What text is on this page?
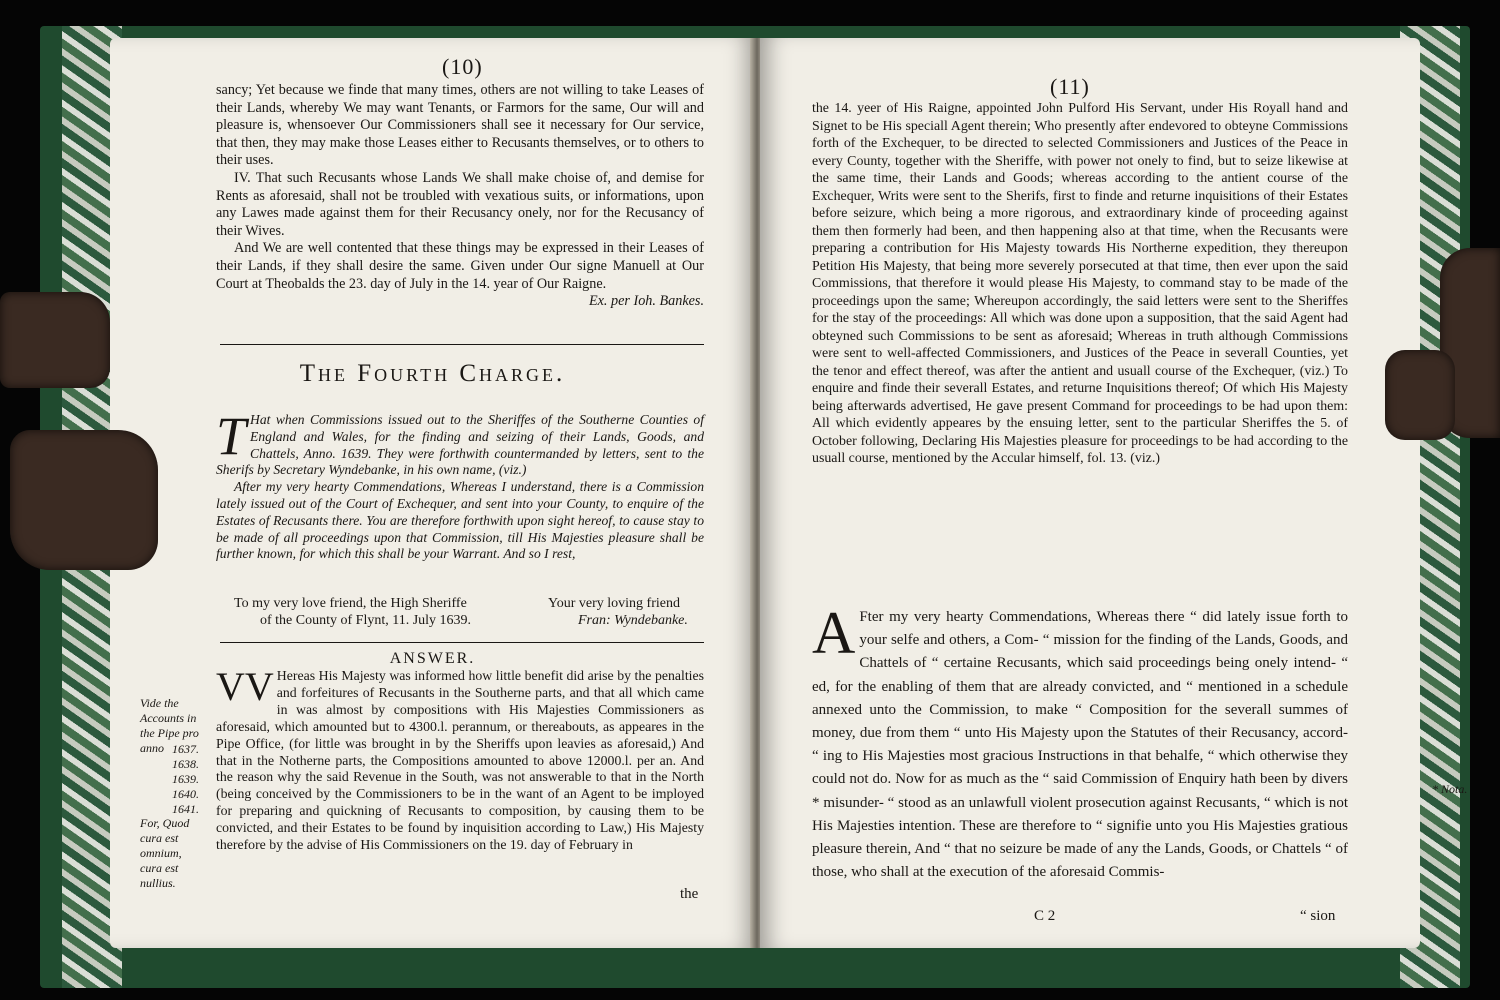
(10)

sancy; Yet because we finde that many times, others are not willing to take Leases of their Lands, whereby We may want Tenants, or Farmors for the same, Our will and pleasure is, whensoever Our Commissioners shall see it necessary for Our service, that then, they may make those Leases either to Recusants themselves, or to others to their uses.

IV. That such Recusants whose Lands We shall make choise of, and demise for Rents as aforesaid, shall not be troubled with vexatious suits, or informations, upon any Lawes made against them for their Recusancy onely, nor for the Recusancy of their Wives.

And We are well contented that these things may be expressed in their Leases of their Lands, if they shall desire the same. Given under Our signe Manuell at Our Court at Theobalds the 23. day of July in the 14. year of Our Raigne.

Ex. per Ioh. Bankes.

The Fourth Charge.
T Hat when Commissions issued out to the Sheriffes of the Southerne Counties of England and Wales, for the finding and seizing of their Lands, Goods, and Chattels, Anno. 1639. They were forthwith countermanded by letters, sent to the Sherifs by Secretary Wyndebanke, in his own name, (viz.)

After my very hearty Commendations, Whereas I understand, there is a Commission lately issued out of the Court of Exchequer, and sent into your County, to enquire of the Estates of Recusants there. You are therefore forthwith upon sight hereof, to cause stay to be made of all proceedings upon that Commission, till His Majesties pleasure shall be further known, for which this shall be your Warrant. And so I rest,

To my very love friend, the High Sheriffe
of the County of Flynt, 11. July 1639.
Your very loving friend
Fran: Wyndebanke.
ANSWER.
VV Hereas His Majesty was informed how little benefit did arise by the penalties and forfeitures of Recusants in the Southerne parts, and that all which came in was almost by compositions with His Majesties Commissioners as aforesaid, which amounted but to 4300.l. perannum, or thereabouts, as appeares in the Pipe Office, (for little was brought in by the Sheriffs upon leavies as aforesaid,) And that in the Notherne parts, the Compositions amounted to above 12000.l. per an. And the reason why the said Revenue in the South, was not answerable to that in the North (being conceived by the Commissioners to be in the want of an Agent to be imployed for preparing and quickning of Recusants to composition, by causing them to be convicted, and their Estates to be found by inquisition according to Law,) His Majesty therefore by the advise of His Commissioners on the 19. day of February in
the
Vide the Accounts in the Pipe pro anno 1637.
1638.
1639.
1640.
1641.
For, Quod cura est omnium, cura est nullius.
(11)

the 14. yeer of His Raigne, appointed John Pulford His Servant, under His Royall hand and Signet to be His speciall Agent therein; Who presently after endevored to obteyne Commissions forth of the Exchequer, to be directed to selected Commissioners and Justices of the Peace in every County, together with the Sheriffe, with power not onely to find, but to seize likewise at the same time, their Lands and Goods; whereas according to the antient course of the Exchequer, Writs were sent to the Sherifs, first to finde and returne inquisitions of their Estates before seizure, which being a more rigorous, and extraordinary kinde of proceeding against them then formerly had been, and then happening also at that time, when the Recusants were preparing a contribution for His Majesty towards His Northerne expedition, they thereupon Petition His Majesty, that being more severely porsecuted at that time, then ever upon the said Commissions, that therefore it would please His Majesty, to command stay to be made of the proceedings upon the same; Whereupon accordingly, the said letters were sent to the Sheriffes for the stay of the proceedings: All which was done upon a supposition, that the said Agent had obteyned such Commissions to be sent as aforesaid; Whereas in truth although Commissions were sent to well-affected Commissioners, and Justices of the Peace in severall Counties, yet the tenor and effect thereof, was after the antient and usuall course of the Exchequer, (viz.) To enquire and finde their severall Estates, and returne Inquisitions thereof; Of which His Majesty being afterwards advertised, He gave present Command for proceedings to be had upon them: All which evidently appeares by the ensuing letter, sent to the particular Sheriffes the 5. of October following, Declaring His Majesties pleasure for proceedings to be had according to the usuall course, mentioned by the Accular himself, fol. 13. (viz.)

A Fter my very hearty Commendations, Whereas there “ did lately issue forth to your selfe and others, a Com- “ mission for the finding of the Lands, Goods, and Chattels of “ certaine Recusants, which said proceedings being onely intend- “ ed, for the enabling of them that are already convicted, and “ mentioned in a schedule annexed unto the Commission, to make “ Composition for the severall summes of money, due from them “ unto His Majesty upon the Statutes of their Recusancy, accord- “ ing to His Majesties most gracious Instructions in that behalfe, “ which otherwise they could not do. Now for as much as the “ said Commission of Enquiry hath been by divers * misunder- “ stood as an unlawfull violent prosecution against Recusants, “ which is not His Majesties intention. These are therefore to “ signifie unto you His Majesties gratious pleasure therein, And “ that no seizure be made of any the Lands, Goods, or Chattels “ of those, who shall at the execution of the aforesaid Commis-
C 2	“ sion
* Nota.
